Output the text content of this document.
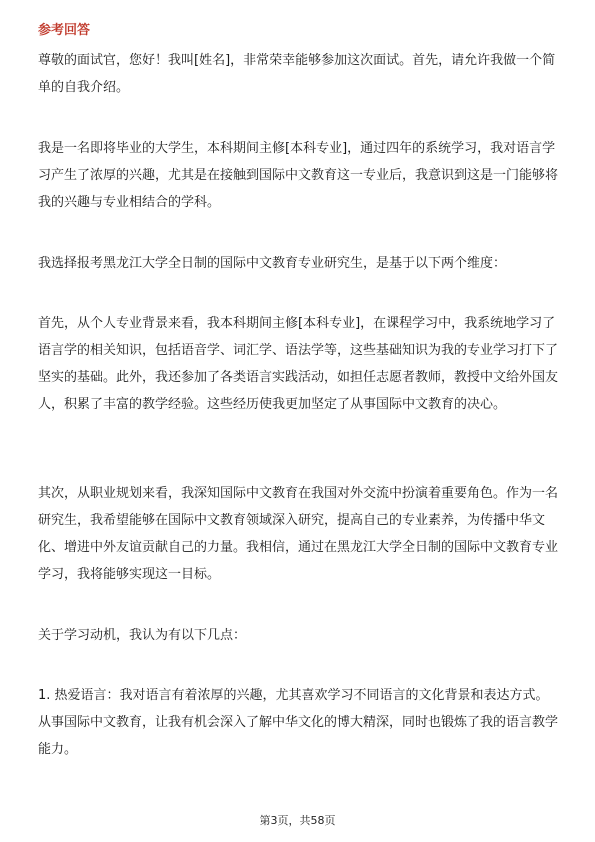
参考回答

尊敬的面试官，您好！我叫[姓名]，非常荣幸能够参加这次面试。首先，请允许我做一个简单的自我介绍。

我是一名即将毕业的大学生，本科期间主修[本科专业]，通过四年的系统学习，我对语言学习产生了浓厚的兴趣，尤其是在接触到国际中文教育这一专业后，我意识到这是一门能够将我的兴趣与专业相结合的学科。

我选择报考黑龙江大学全日制的国际中文教育专业研究生，是基于以下两个维度：

首先，从个人专业背景来看，我本科期间主修[本科专业]，在课程学习中，我系统地学习了语言学的相关知识，包括语音学、词汇学、语法学等，这些基础知识为我的专业学习打下了坚实的基础。此外，我还参加了各类语言实践活动，如担任志愿者教师，教授中文给外国友人，积累了丰富的教学经验。这些经历使我更加坚定了从事国际中文教育的决心。

其次，从职业规划来看，我深知国际中文教育在我国对外交流中扮演着重要角色。作为一名研究生，我希望能够在国际中文教育领域深入研究，提高自己的专业素养，为传播中华文化、增进中外友谊贡献自己的力量。我相信，通过在黑龙江大学全日制的国际中文教育专业学习，我将能够实现这一目标。

关于学习动机，我认为有以下几点：

1. 热爱语言：我对语言有着浓厚的兴趣，尤其喜欢学习不同语言的文化背景和表达方式。从事国际中文教育，让我有机会深入了解中华文化的博大精深，同时也锻炼了我的语言教学能力。

第3页，共58页
